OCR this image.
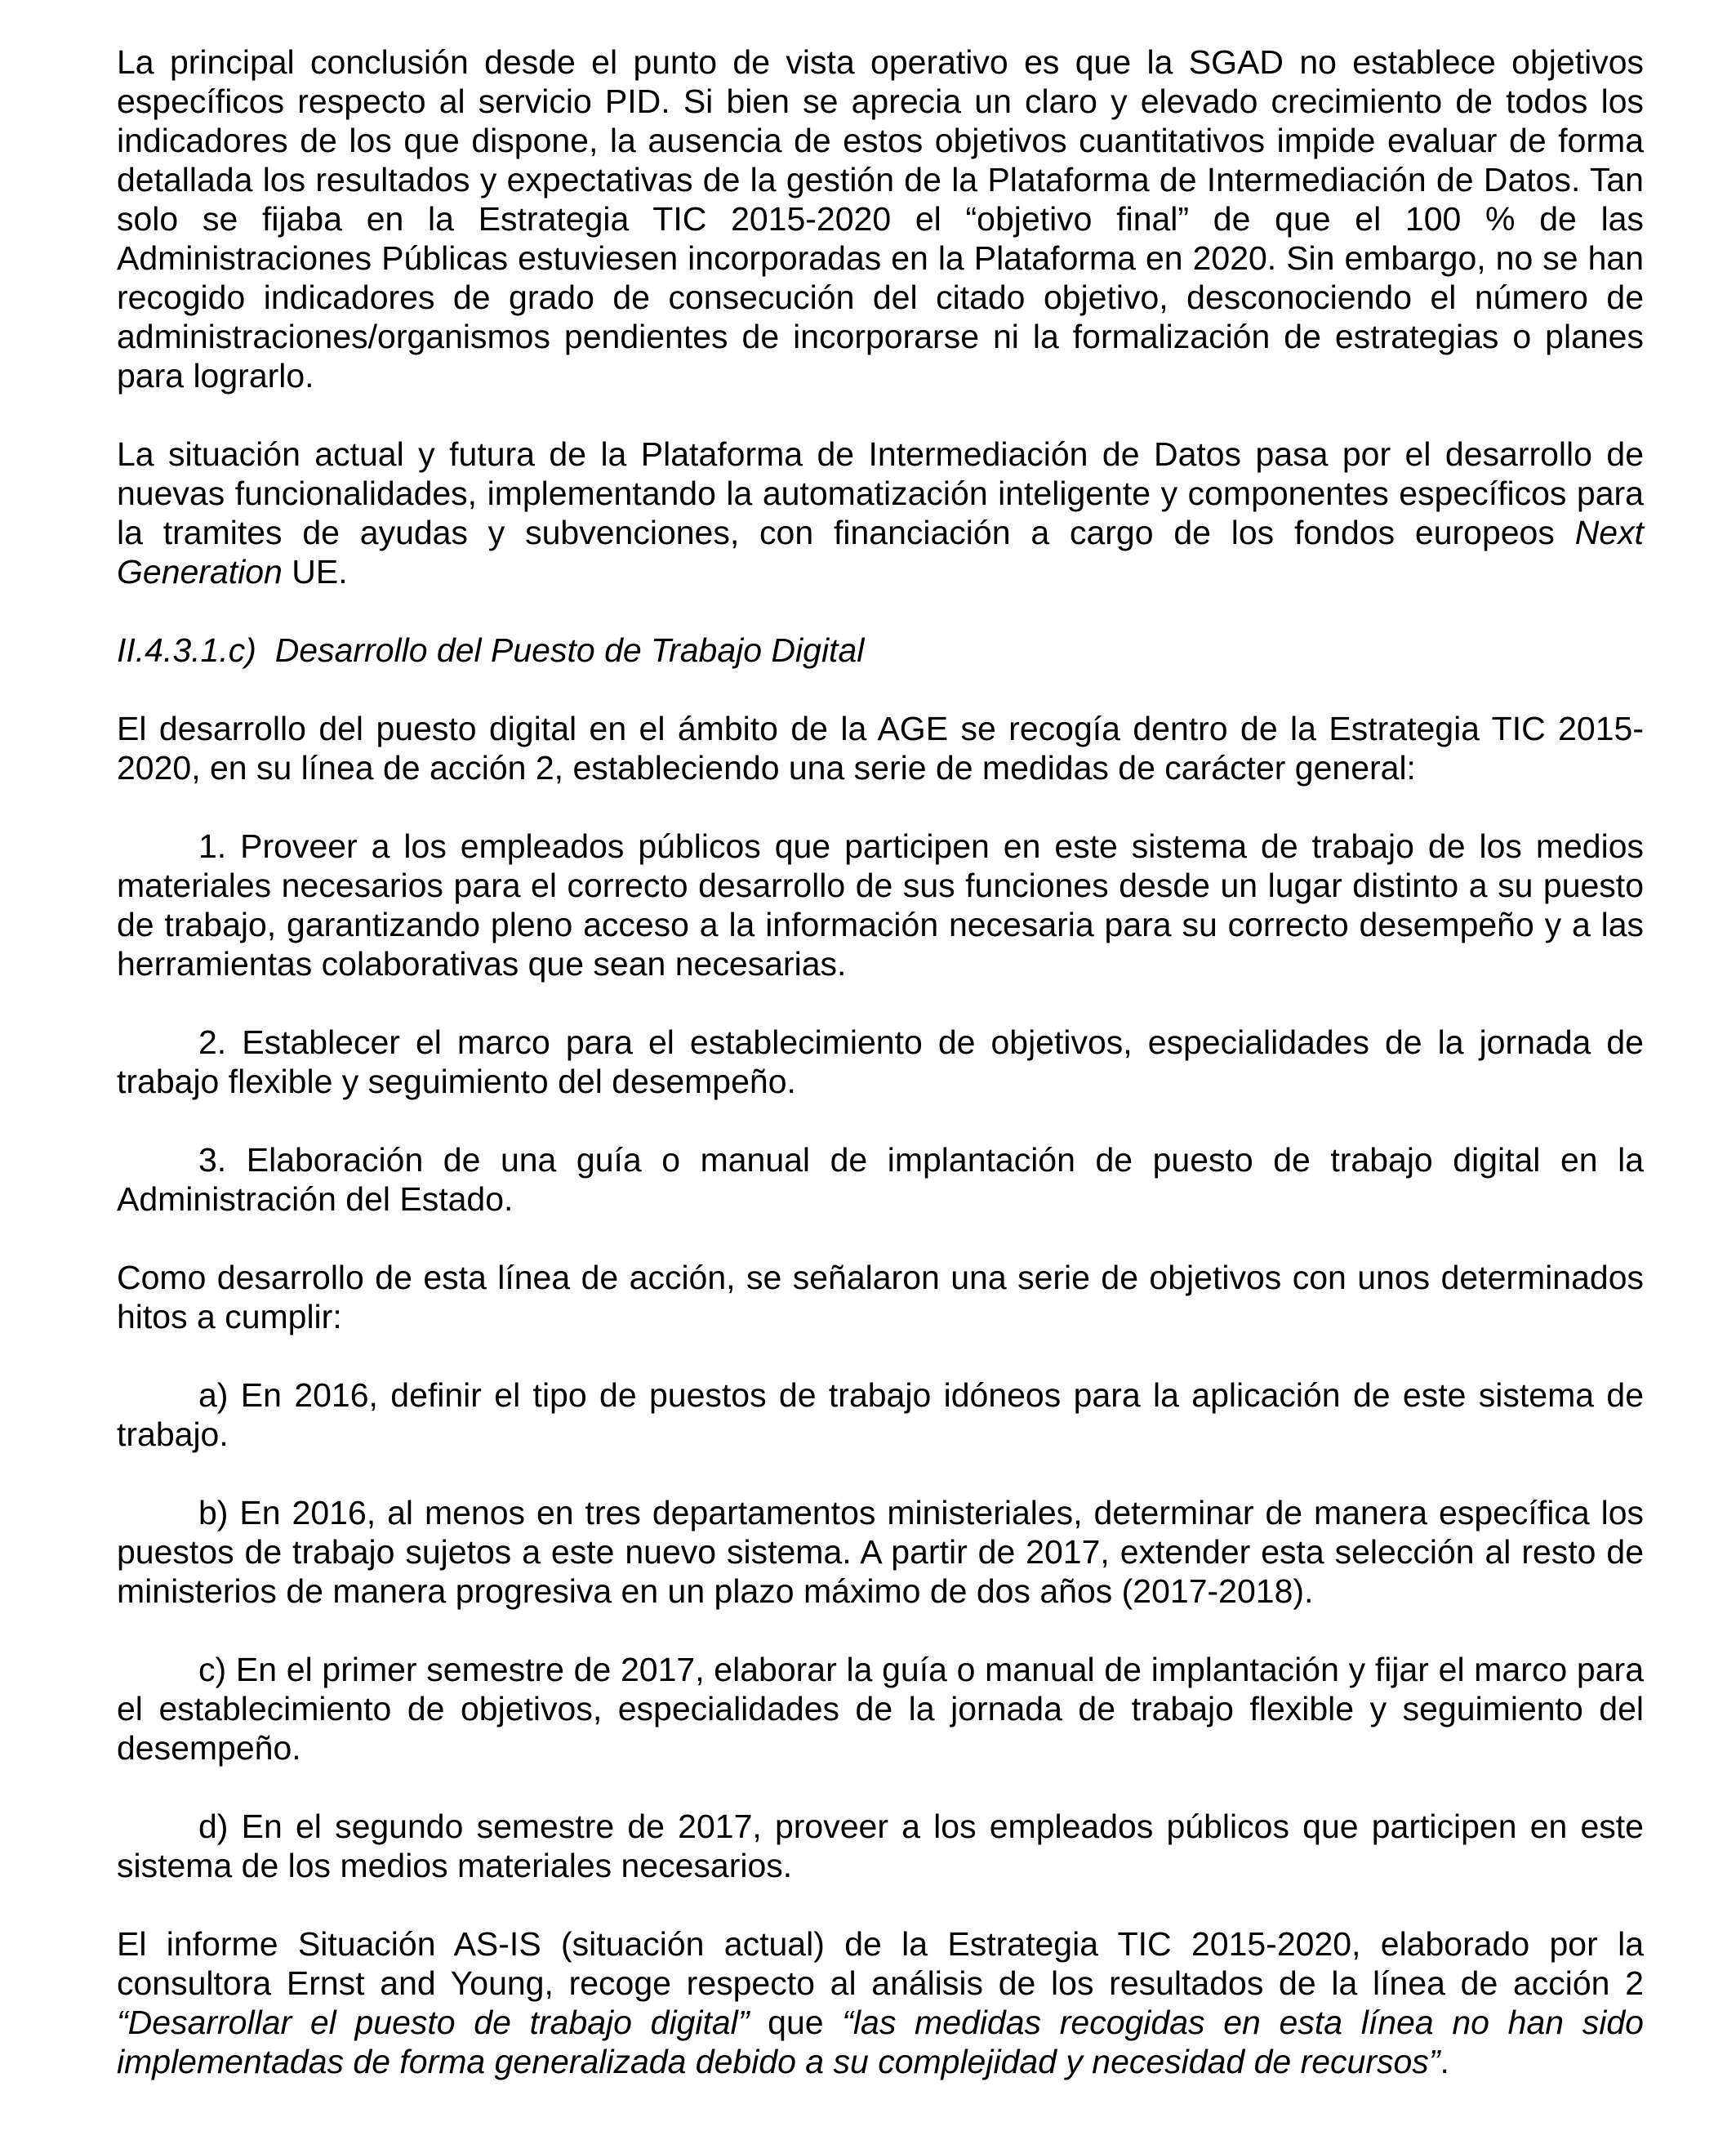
La principal conclusión desde el punto de vista operativo es que la SGAD no establece objetivos específicos respecto al servicio PID. Si bien se aprecia un claro y elevado crecimiento de todos los indicadores de los que dispone, la ausencia de estos objetivos cuantitativos impide evaluar de forma detallada los resultados y expectativas de la gestión de la Plataforma de Intermediación de Datos. Tan solo se fijaba en la Estrategia TIC 2015-2020 el “objetivo final” de que el 100 % de las Administraciones Públicas estuviesen incorporadas en la Plataforma en 2020. Sin embargo, no se han recogido indicadores de grado de consecución del citado objetivo, desconociendo el número de administraciones/organismos pendientes de incorporarse ni la formalización de estrategias o planes para lograrlo.

La situación actual y futura de la Plataforma de Intermediación de Datos pasa por el desarrollo de nuevas funcionalidades, implementando la automatización inteligente y componentes específicos para la tramites de ayudas y subvenciones, con financiación a cargo de los fondos europeos Next Generation UE.

II.4.3.1.c)  Desarrollo del Puesto de Trabajo Digital

El desarrollo del puesto digital en el ámbito de la AGE se recogía dentro de la Estrategia TIC 2015-2020, en su línea de acción 2, estableciendo una serie de medidas de carácter general:

1. Proveer a los empleados públicos que participen en este sistema de trabajo de los medios materiales necesarios para el correcto desarrollo de sus funciones desde un lugar distinto a su puesto de trabajo, garantizando pleno acceso a la información necesaria para su correcto desempeño y a las herramientas colaborativas que sean necesarias.

2. Establecer el marco para el establecimiento de objetivos, especialidades de la jornada de trabajo flexible y seguimiento del desempeño.

3. Elaboración de una guía o manual de implantación de puesto de trabajo digital en la Administración del Estado.

Como desarrollo de esta línea de acción, se señalaron una serie de objetivos con unos determinados hitos a cumplir:

a) En 2016, definir el tipo de puestos de trabajo idóneos para la aplicación de este sistema de trabajo.

b) En 2016, al menos en tres departamentos ministeriales, determinar de manera específica los puestos de trabajo sujetos a este nuevo sistema. A partir de 2017, extender esta selección al resto de ministerios de manera progresiva en un plazo máximo de dos años (2017-2018).

c) En el primer semestre de 2017, elaborar la guía o manual de implantación y fijar el marco para el establecimiento de objetivos, especialidades de la jornada de trabajo flexible y seguimiento del desempeño.

d) En el segundo semestre de 2017, proveer a los empleados públicos que participen en este sistema de los medios materiales necesarios.

El informe Situación AS-IS (situación actual) de la Estrategia TIC 2015-2020, elaborado por la consultora Ernst and Young, recoge respecto al análisis de los resultados de la línea de acción 2 “Desarrollar el puesto de trabajo digital” que “las medidas recogidas en esta línea no han sido implementadas de forma generalizada debido a su complejidad y necesidad de recursos”.
